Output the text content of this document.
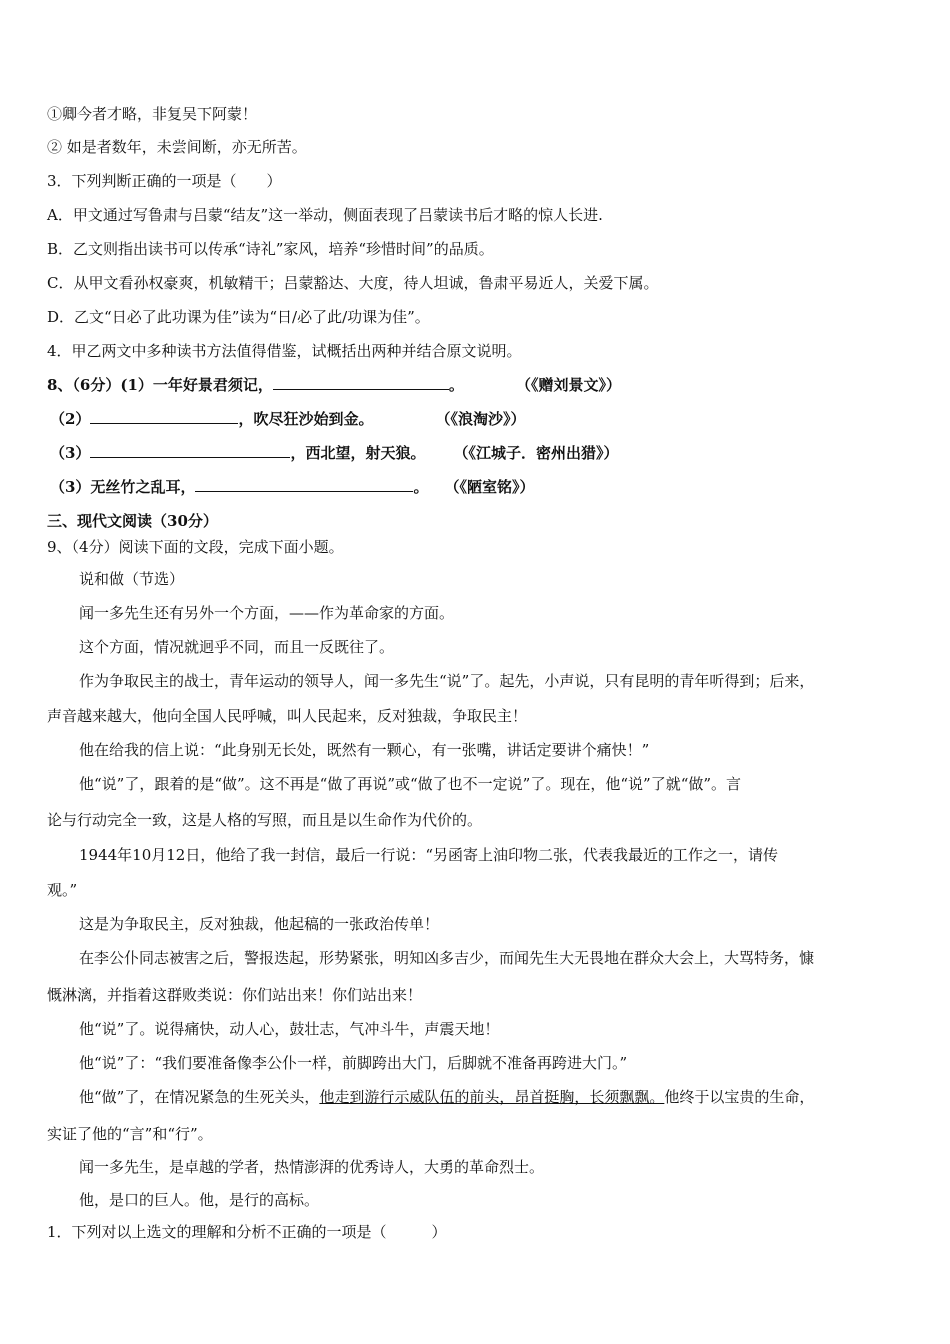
①卿今者才略，非复吴下阿蒙！
② 如是者数年，未尝间断，亦无所苦。
3．下列判断正确的一项是（　　）
A．甲文通过写鲁肃与吕蒙“结友”这一举动，侧面表现了吕蒙读书后才略的惊人长进.
B．乙文则指出读书可以传承“诗礼”家风，培养“珍惜时间”的品质。
C．从甲文看孙权豪爽，机敏精干；吕蒙豁达、大度，待人坦诚，鲁肃平易近人，关爱下属。
D．乙文“日必了此功课为佳”读为“日/必了此/功课为佳”。
4．甲乙两文中多种读书方法值得借鉴，试概括出两种并结合原文说明。
8、（6分）(1）一年好景君须记，	。	（《赠刘景文》）
（2）	，吹尽狂沙始到金。	（《浪淘沙》）
（3）	，西北望，射天狼。 （《江城子．密州出猎》）
（3）无丝竹之乱耳，	。 （《陋室铭》）
三、现代文阅读（30分）
9、（4分）阅读下面的文段，完成下面小题。
说和做（节选）
闻一多先生还有另外一个方面，——作为革命家的方面。
这个方面，情况就迥乎不同，而且一反既往了。
作为争取民主的战士，青年运动的领导人，闻一多先生“说”了。起先，小声说，只有昆明的青年听得到；后来，
声音越来越大，他向全国人民呼喊，叫人民起来，反对独裁，争取民主！
他在给我的信上说：“此身别无长处，既然有一颗心，有一张嘴，讲话定要讲个痛快！”
他“说”了，跟着的是“做”。这不再是“做了再说”或“做了也不一定说”了。现在，他“说”了就“做”。言
论与行动完全一致，这是人格的写照，而且是以生命作为代价的。
1944年10月12日，他给了我一封信，最后一行说：“另函寄上油印物二张，代表我最近的工作之一，请传
观。”
这是为争取民主，反对独裁，他起稿的一张政治传单！
在李公仆同志被害之后，警报迭起，形势紧张，明知凶多吉少，而闻先生大无畏地在群众大会上，大骂特务，慷
慨淋漓，并指着这群败类说：你们站出来！你们站出来！
他“说”了。说得痛快，动人心，鼓壮志，气冲斗牛，声震天地！
他“说”了：“我们要准备像李公仆一样，前脚跨出大门，后脚就不准备再跨进大门。”
他“做”了，在情况紧急的生死关头，他走到游行示威队伍的前头，昂首挺胸，长须飘飘。他终于以宝贵的生命，
实证了他的“言”和“行”。
闻一多先生，是卓越的学者，热情澎湃的优秀诗人，大勇的革命烈士。
他，是口的巨人。他，是行的高标。
1．下列对以上选文的理解和分析不正确的一项是（　　　）
